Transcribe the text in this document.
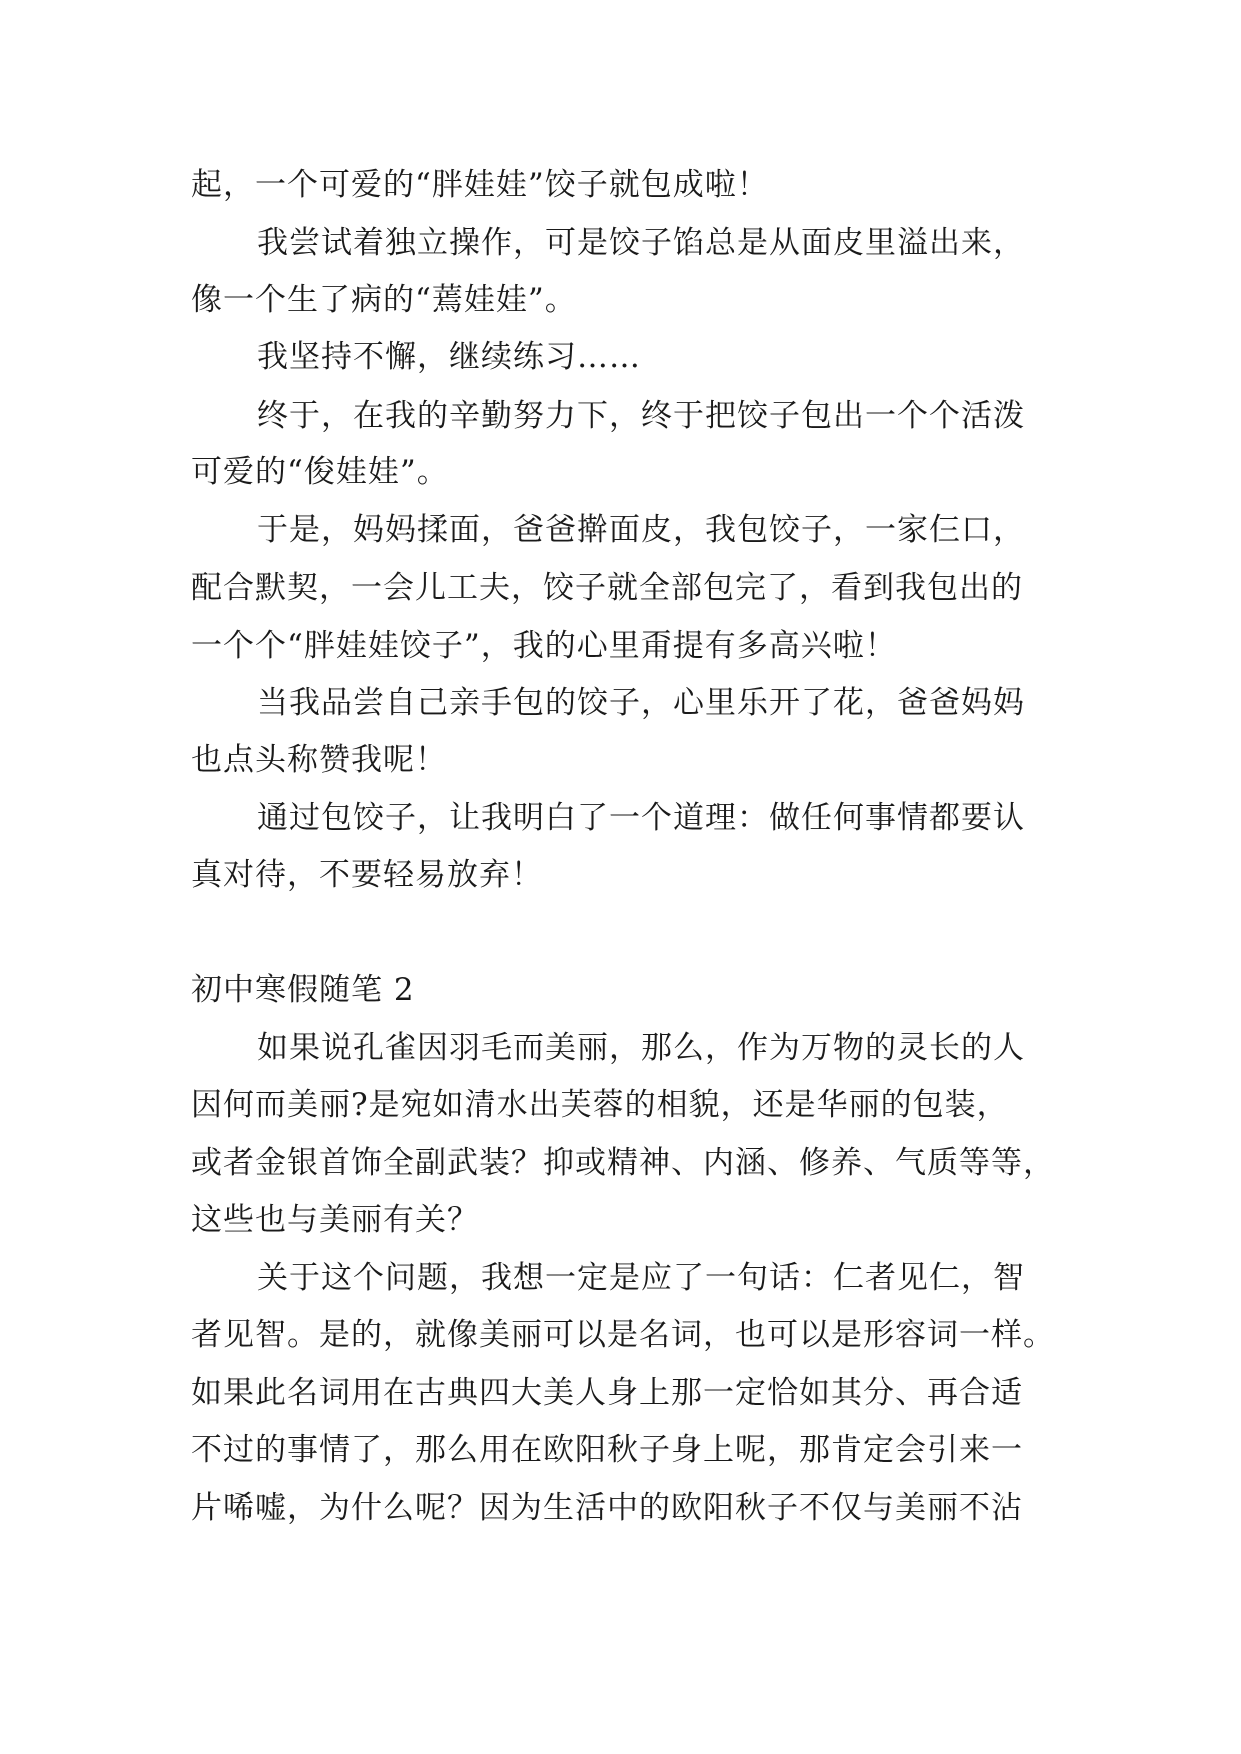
起，一个可爱的“胖娃娃”饺子就包成啦！
我尝试着独立操作，可是饺子馅总是从面皮里溢出来，
像一个生了病的“蔫娃娃”。
我坚持不懈，继续练习……
终于，在我的辛勤努力下，终于把饺子包出一个个活泼
可爱的“俊娃娃”。
于是，妈妈揉面，爸爸擀面皮，我包饺子，一家仨口，
配合默契，一会儿工夫，饺子就全部包完了，看到我包出的
一个个“胖娃娃饺子”，我的心里甭提有多高兴啦！
当我品尝自己亲手包的饺子，心里乐开了花，爸爸妈妈
也点头称赞我呢！
通过包饺子，让我明白了一个道理：做任何事情都要认
真对待，不要轻易放弃！
初中寒假随笔 2
如果说孔雀因羽毛而美丽，那么，作为万物的灵长的人
因何而美丽?是宛如清水出芙蓉的相貌，还是华丽的包装，
或者金银首饰全副武装？抑或精神、内涵、修养、气质等等，
这些也与美丽有关？
关于这个问题，我想一定是应了一句话：仁者见仁，智
者见智。是的，就像美丽可以是名词，也可以是形容词一样。
如果此名词用在古典四大美人身上那一定恰如其分、再合适
不过的事情了，那么用在欧阳秋子身上呢，那肯定会引来一
片唏嘘，为什么呢？因为生活中的欧阳秋子不仅与美丽不沾
